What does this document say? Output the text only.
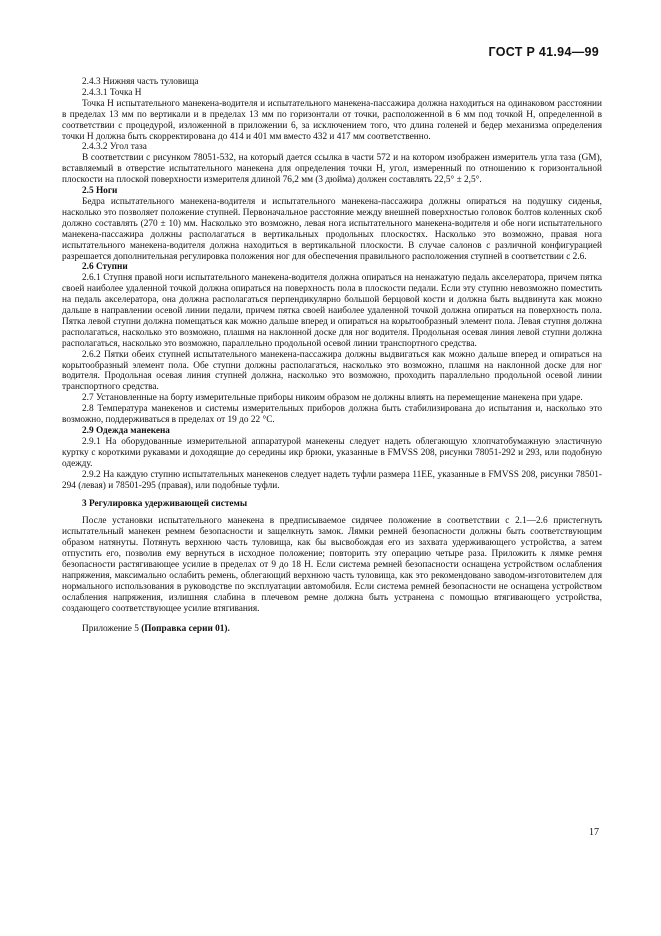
ГОСТ Р 41.94—99

2.4.3 Нижняя часть туловища

2.4.3.1 Точка H

Точка H испытательного манекена-водителя и испытательного манекена-пассажира должна находиться на одинаковом расстоянии в пределах 13 мм по вертикали и в пределах 13 мм по горизонтали от точки, расположенной в 6 мм под точкой H, определенной в соответствии с процедурой, изложенной в приложении 6, за исключением того, что длина голеней и бедер механизма определения точки H должна быть скорректирована до 414 и 401 мм вместо 432 и 417 мм соответственно.

2.4.3.2 Угол таза

В соответствии с рисунком 78051-532, на который дается ссылка в части 572 и на котором изображен измеритель угла таза (GM), вставляемый в отверстие испытательного манекена для определения точки H, угол, измеренный по отношению к горизонтальной плоскости на плоской поверхности измерителя длиной 76,2 мм (3 дюйма) должен составлять 22,5° ± 2,5°.

2.5 Ноги

Бедра испытательного манекена-водителя и испытательного манекена-пассажира должны опираться на подушку сиденья, насколько это позволяет положение ступней. Первоначальное расстояние между внешней поверхностью головок болтов коленных скоб должно составлять (270 ± 10) мм. Насколько это возможно, левая нога испытательного манекена-водителя и обе ноги испытательного манекена-пассажира должны располагаться в вертикальных продольных плоскостях. Насколько это возможно, правая нога испытательного манекена-водителя должна находиться в вертикальной плоскости. В случае салонов с различной конфигурацией разрешается дополнительная регулировка положения ног для обеспечения правильного расположения ступней в соответствии с 2.6.

2.6 Ступни

2.6.1 Ступня правой ноги испытательного манекена-водителя должна опираться на ненажатую педаль акселератора, причем пятка своей наиболее удаленной точкой должна опираться на поверхность пола в плоскости педали. Если эту ступню невозможно поместить на педаль акселератора, она должна располагаться перпендикулярно большой берцовой кости и должна быть выдвинута как можно дальше в направлении осевой линии педали, причем пятка своей наиболее удаленной точкой должна опираться на поверхность пола. Пятка левой ступни должна помещаться как можно дальше вперед и опираться на корытообразный элемент пола. Левая ступня должна располагаться, насколько это возможно, плашмя на наклонной доске для ног водителя. Продольная осевая линия левой ступни должна располагаться, насколько это возможно, параллельно продольной осевой линии транспортного средства.

2.6.2 Пятки обеих ступней испытательного манекена-пассажира должны выдвигаться как можно дальше вперед и опираться на корытообразный элемент пола. Обе ступни должны располагаться, насколько это возможно, плашмя на наклонной доске для ног водителя. Продольная осевая линия ступней должна, насколько это возможно, проходить параллельно продольной осевой линии транспортного средства.

2.7 Установленные на борту измерительные приборы никоим образом не должны влиять на перемещение манекена при ударе.

2.8 Температура манекенов и системы измерительных приборов должна быть стабилизирована до испытания и, насколько это возможно, поддерживаться в пределах от 19 до 22 °С.

2.9 Одежда манекена

2.9.1 На оборудованные измерительной аппаратурой манекены следует надеть облегающую хлопчатобумажную эластичную куртку с короткими рукавами и доходящие до середины икр брюки, указанные в FMVSS 208, рисунки 78051-292 и 293, или подобную одежду.

2.9.2 На каждую ступню испытательных манекенов следует надеть туфли размера 11ЕЕ, указанные в FMVSS 208, рисунки 78501-294 (левая) и 78501-295 (правая), или подобные туфли.

3 Регулировка удерживающей системы

После установки испытательного манекена в предписываемое сидячее положение в соответствии с 2.1—2.6 пристегнуть испытательный манекен ремнем безопасности и защелкнуть замок. Лямки ремней безопасности должны быть соответствующим образом натянуты. Потянуть верхнюю часть туловища, как бы высвобождая его из захвата удерживающего устройства, а затем отпустить его, позволив ему вернуться в исходное положение; повторить эту операцию четыре раза. Приложить к лямке ремня безопасности растягивающее усилие в пределах от 9 до 18 Н. Если система ремней безопасности оснащена устройством ослабления напряжения, максимально ослабить ремень, облегающий верхнюю часть туловища, как это рекомендовано заводом-изготовителем для нормального использования в руководстве по эксплуатации автомобиля. Если система ремней безопасности не оснащена устройством ослабления напряжения, излишняя слабина в плечевом ремне должна быть устранена с помощью втягивающего устройства, создающего соответствующее усилие втягивания.

Приложение 5 (Поправка серии 01).

17
